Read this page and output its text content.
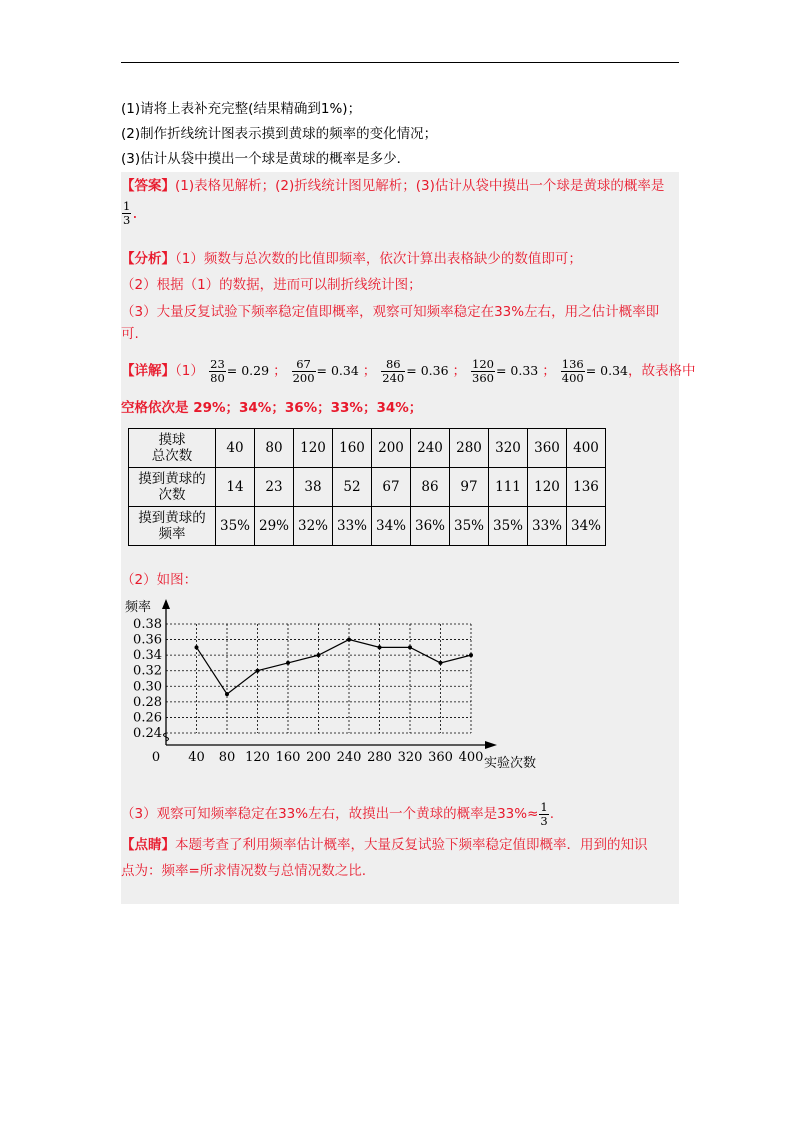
(1)请将上表补充完整(结果精确到1%)；
(2)制作折线统计图表示摸到黄球的频率的变化情况；
(3)估计从袋中摸出一个球是黄球的概率是多少．
【答案】(1)表格见解析；(2)折线统计图见解析；(3)估计从袋中摸出一个球是黄球的概率是
$\frac{1}{3}$ .
【分析】（1）频数与总次数的比值即频率，依次计算出表格缺少的数值即可；
（2）根据（1）的数据，进而可以制折线统计图；
（3）大量反复试验下频率稳定值即概率，观察可知频率稳定在33%左右，用之估计概率即
可.
【详解】$(1) \frac{23}{80} = 0.29$ ； $\frac{67}{200} = 0.34$ ； $\frac{86}{240} = 0.36$ ； $\frac{120}{360} = 0.33$ ； $\frac{136}{400} = 0.34$，故表格中
空格依次是 29%；34%；36%；33%；34%；
摸球
总次数	40	80	120	160	200	240	280	320	360	400
摸到黄球的
次数	14	23	38	52	67	86	97	111	120	136
摸到黄球的
频率	35%	29%	32%	33%	34%	36%	35%	35%	33%	34%
（2）如图：
0.24
0.26
0.28
0.30
0.32
0.34
0.36
0.38
0 40 80 120 160 200 240 280 320 360 400
频率
实验次数
（3）观察可知频率稳定在33%左右，故摸出一个黄球的概率是$33\%\approx \frac{1}{3}$ .
【点睛】本题考查了利用频率估计概率，大量反复试验下频率稳定值即概率．用到的知识
点为：频率=所求情况数与总情况数之比.
